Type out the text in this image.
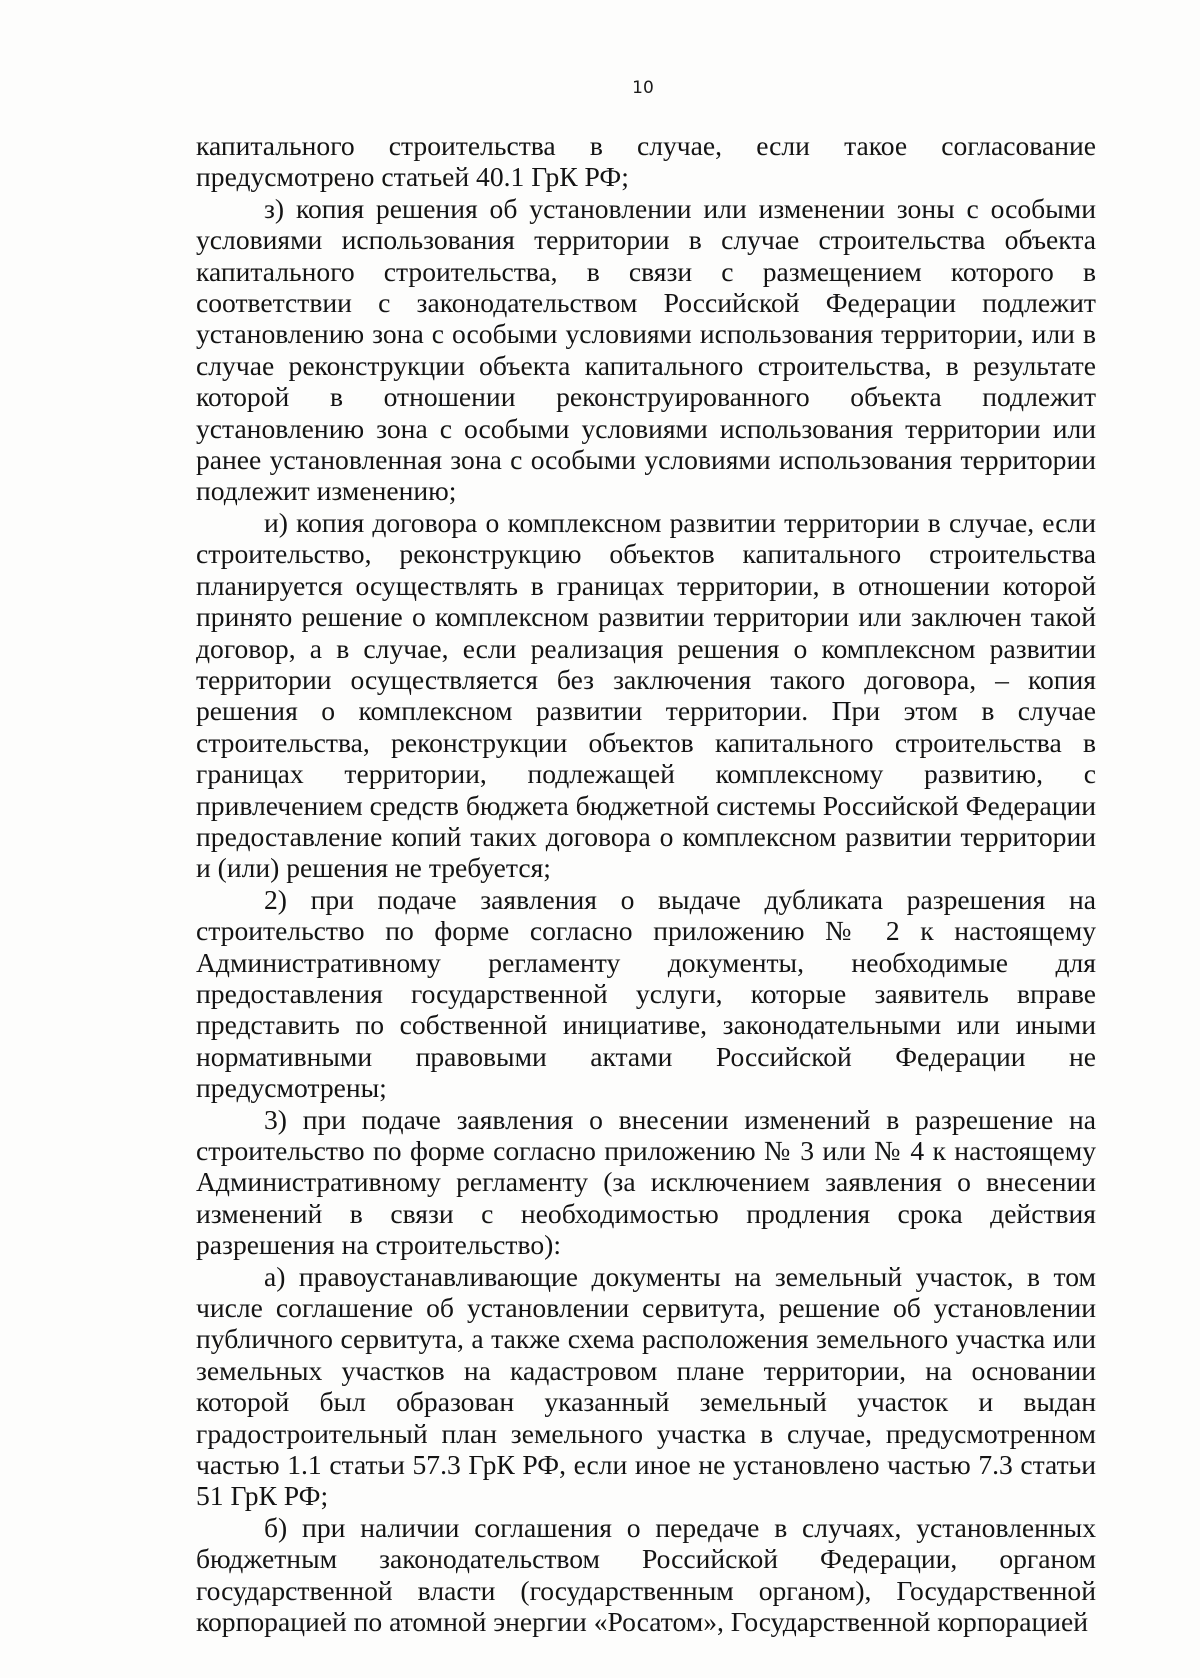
10

капитального строительства в случае, если такое согласование предусмотрено статьей 40.1 ГрК РФ;

з) копия решения об установлении или изменении зоны с особыми условиями использования территории в случае строительства объекта капитального строительства, в связи с размещением которого в соответствии с законодательством Российской Федерации подлежит установлению зона с особыми условиями использования территории, или в случае реконструкции объекта капитального строительства, в результате которой в отношении реконструированного объекта подлежит установлению зона с особыми условиями использования территории или ранее установленная зона с особыми условиями использования территории подлежит изменению;

и) копия договора о комплексном развитии территории в случае, если строительство, реконструкцию объектов капитального строительства планируется осуществлять в границах территории, в отношении которой принято решение о комплексном развитии территории или заключен такой договор, а в случае, если реализация решения о комплексном развитии территории осуществляется без заключения такого договора, – копия решения о комплексном развитии территории. При этом в случае строительства, реконструкции объектов капитального строительства в границах территории, подлежащей комплексному развитию, с привлечением средств бюджета бюджетной системы Российской Федерации предоставление копий таких договора о комплексном развитии территории и (или) решения не требуется;

2) при подаче заявления о выдаче дубликата разрешения на строительство по форме согласно приложению № 2 к настоящему Административному регламенту документы, необходимые для предоставления государственной услуги, которые заявитель вправе представить по собственной инициативе, законодательными или иными нормативными правовыми актами Российской Федерации не предусмотрены;

3) при подаче заявления о внесении изменений в разрешение на строительство по форме согласно приложению № 3 или № 4 к настоящему Административному регламенту (за исключением заявления о внесении изменений в связи с необходимостью продления срока действия разрешения на строительство):

а) правоустанавливающие документы на земельный участок, в том числе соглашение об установлении сервитута, решение об установлении публичного сервитута, а также схема расположения земельного участка или земельных участков на кадастровом плане территории, на основании которой был образован указанный земельный участок и выдан градостроительный план земельного участка в случае, предусмотренном частью 1.1 статьи 57.3 ГрК РФ, если иное не установлено частью 7.3 статьи 51 ГрК РФ;

б) при наличии соглашения о передаче в случаях, установленных бюджетным законодательством Российской Федерации, органом государственной власти (государственным органом), Государственной корпорацией по атомной энергии «Росатом», Государственной корпорацией
